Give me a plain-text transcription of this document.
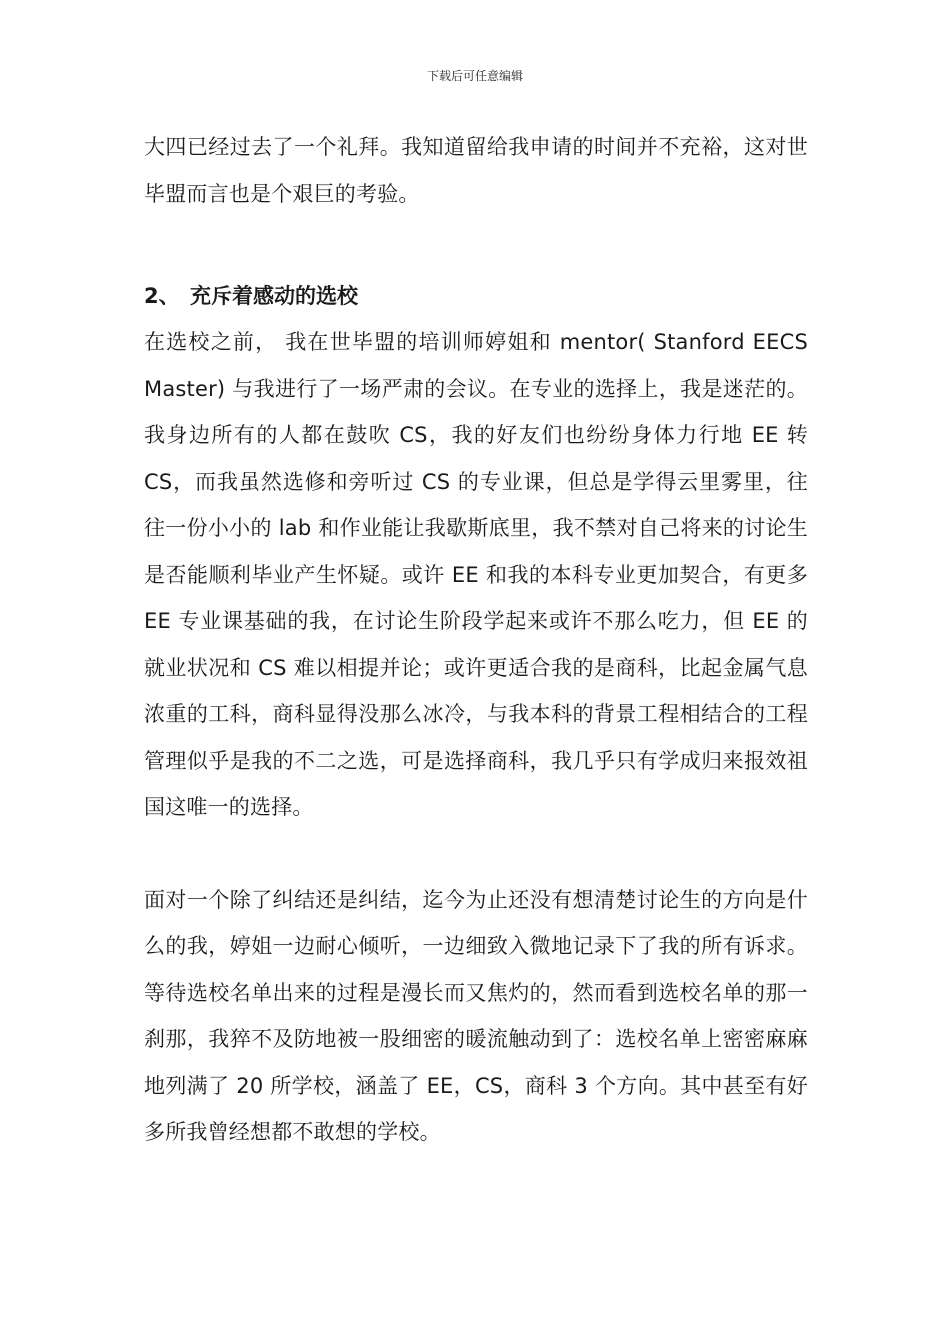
下载后可任意编辑

大四已经过去了一个礼拜。我知道留给我申请的时间并不充裕，这对世毕盟而言也是个艰巨的考验。

2、 充斥着感动的选校

在选校之前， 我在世毕盟的培训师婷姐和 mentor( Stanford EECS Master) 与我进行了一场严肃的会议。在专业的选择上，我是迷茫的。我身边所有的人都在鼓吹 CS，我的好友们也纷纷身体力行地 EE 转 CS，而我虽然选修和旁听过 CS 的专业课，但总是学得云里雾里，往往一份小小的 lab 和作业能让我歇斯底里，我不禁对自己将来的讨论生是否能顺利毕业产生怀疑。或许 EE 和我的本科专业更加契合，有更多 EE 专业课基础的我，在讨论生阶段学起来或许不那么吃力，但 EE 的就业状况和 CS 难以相提并论；或许更适合我的是商科，比起金属气息浓重的工科，商科显得没那么冰冷，与我本科的背景工程相结合的工程管理似乎是我的不二之选，可是选择商科，我几乎只有学成归来报效祖国这唯一的选择。

面对一个除了纠结还是纠结，迄今为止还没有想清楚讨论生的方向是什么的我，婷姐一边耐心倾听，一边细致入微地记录下了我的所有诉求。等待选校名单出来的过程是漫长而又焦灼的，然而看到选校名单的那一刹那，我猝不及防地被一股细密的暖流触动到了：选校名单上密密麻麻地列满了 20 所学校，涵盖了 EE，CS，商科 3 个方向。其中甚至有好多所我曾经想都不敢想的学校。
